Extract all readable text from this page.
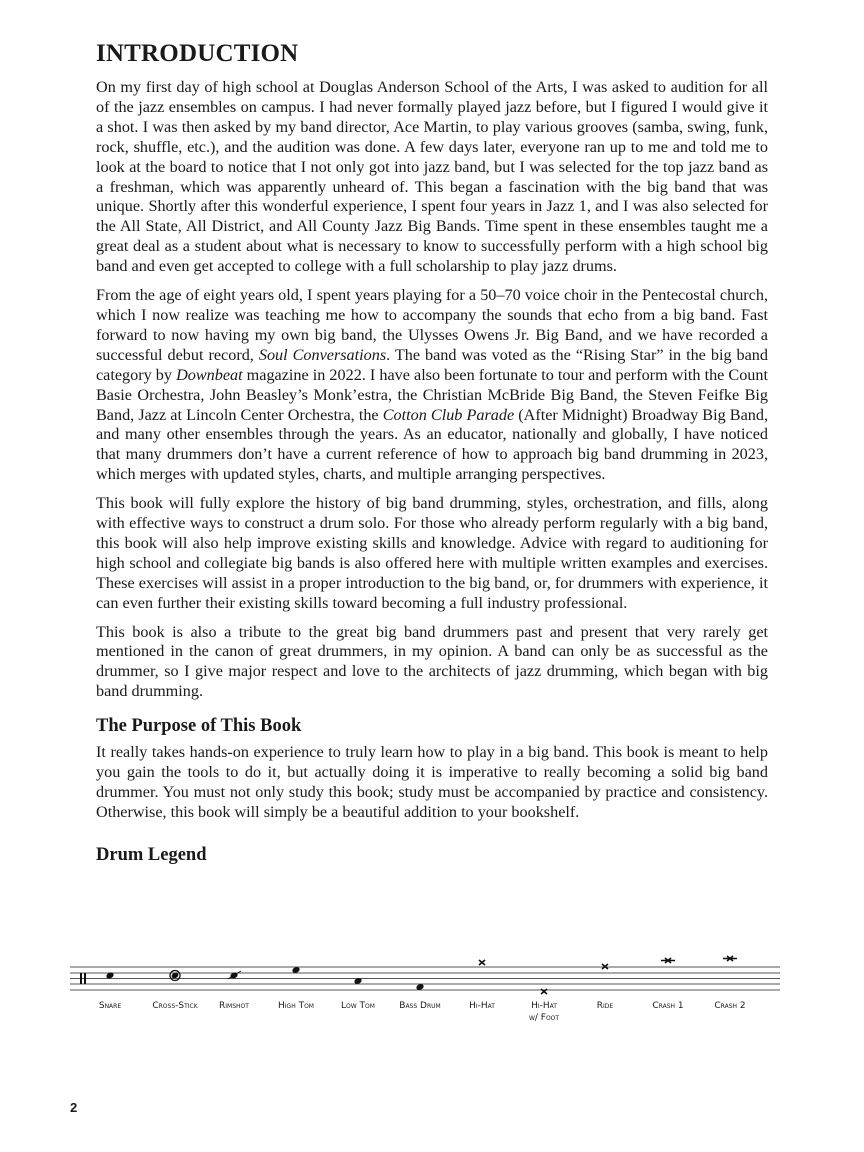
INTRODUCTION

On my first day of high school at Douglas Anderson School of the Arts, I was asked to audition for all of the jazz ensembles on campus. I had never formally played jazz before, but I figured I would give it a shot. I was then asked by my band director, Ace Martin, to play various grooves (samba, swing, funk, rock, shuffle, etc.), and the audition was done. A few days later, everyone ran up to me and told me to look at the board to notice that I not only got into jazz band, but I was selected for the top jazz band as a freshman, which was apparently unheard of. This began a fascination with the big band that was unique. Shortly after this wonderful experience, I spent four years in Jazz 1, and I was also selected for the All State, All District, and All County Jazz Big Bands. Time spent in these ensembles taught me a great deal as a student about what is necessary to know to successfully perform with a high school big band and even get accepted to college with a full scholarship to play jazz drums.

From the age of eight years old, I spent years playing for a 50–70 voice choir in the Pentecostal church, which I now realize was teaching me how to accompany the sounds that echo from a big band. Fast forward to now having my own big band, the Ulysses Owens Jr. Big Band, and we have recorded a successful debut record, Soul Conversations. The band was voted as the “Rising Star” in the big band category by Downbeat magazine in 2022. I have also been fortunate to tour and perform with the Count Basie Orchestra, John Beasley’s Monk’estra, the Christian McBride Big Band, the Steven Feifke Big Band, Jazz at Lincoln Center Orchestra, the Cotton Club Parade (After Midnight) Broadway Big Band, and many other ensembles through the years. As an educator, nationally and globally, I have noticed that many drummers don’t have a current reference of how to approach big band drumming in 2023, which merges with updated styles, charts, and multiple arranging perspectives.

This book will fully explore the history of big band drumming, styles, orchestration, and fills, along with effective ways to construct a drum solo. For those who already perform regularly with a big band, this book will also help improve existing skills and knowledge. Advice with regard to auditioning for high school and collegiate big bands is also offered here with multiple written examples and exercises. These exercises will assist in a proper introduction to the big band, or, for drummers with experience, it can even further their existing skills toward becoming a full industry professional.

This book is also a tribute to the great big band drummers past and present that very rarely get mentioned in the canon of great drummers, in my opinion. A band can only be as successful as the drummer, so I give major respect and love to the architects of jazz drumming, which began with big band drumming.

The Purpose of This Book

It really takes hands-on experience to truly learn how to play in a big band. This book is meant to help you gain the tools to do it, but actually doing it is imperative to really becoming a solid big band drummer. You must not only study this book; study must be accompanied by practice and consistency. Otherwise, this book will simply be a beautiful addition to your bookshelf.

Drum Legend
Snare	Cross-Stick	Rimshot	High Tom	Low Tom	Bass Drum	Hi-Hat	Hi-Hat
w/ Foot
Ride	Crash 1	Crash 2
2
